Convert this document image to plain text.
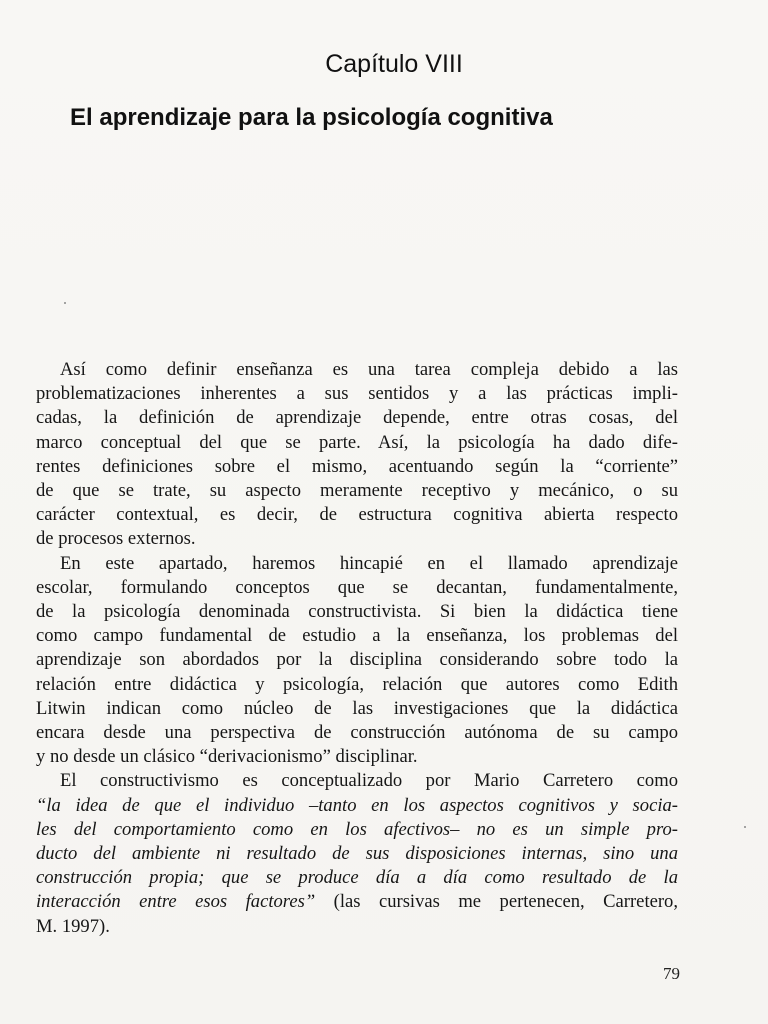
Capítulo VIII
El aprendizaje para la psicología cognitiva
Así como definir enseñanza es una tarea compleja debido a las
problematizaciones inherentes a sus sentidos y a las prácticas impli-
cadas, la definición de aprendizaje depende, entre otras cosas, del
marco conceptual del que se parte. Así, la psicología ha dado dife-
rentes definiciones sobre el mismo, acentuando según la “corriente”
de que se trate, su aspecto meramente receptivo y mecánico, o su
carácter contextual, es decir, de estructura cognitiva abierta respecto
de procesos externos.
En este apartado, haremos hincapié en el llamado aprendizaje
escolar, formulando conceptos que se decantan, fundamentalmente,
de la psicología denominada constructivista. Si bien la didáctica tiene
como campo fundamental de estudio a la enseñanza, los problemas del
aprendizaje son abordados por la disciplina considerando sobre todo la
relación entre didáctica y psicología, relación que autores como Edith
Litwin indican como núcleo de las investigaciones que la didáctica
encara desde una perspectiva de construcción autónoma de su campo
y no desde un clásico “derivacionismo” disciplinar.
El constructivismo es conceptualizado por Mario Carretero como
“la idea de que el individuo –tanto en los aspectos cognitivos y socia-
les del comportamiento como en los afectivos– no es un simple pro-
ducto del ambiente ni resultado de sus disposiciones internas, sino una
construcción propia; que se produce día a día como resultado de la
interacción entre esos factores” (las cursivas me pertenecen, Carretero,
M. 1997).
79
